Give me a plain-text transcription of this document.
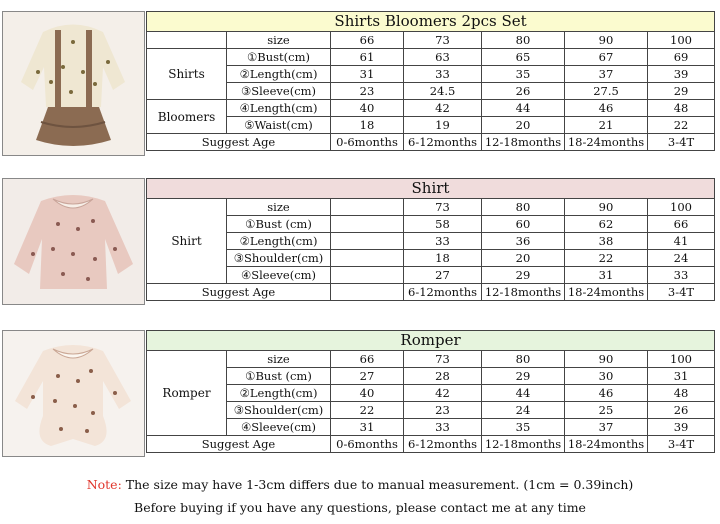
Shirts Bloomers 2pcs Set						
	size	66	73	80	90	100
Shirts	①Bust(cm)	61	63	65	67	69
	②Length(cm)	31	33	35	37	39
	③Sleeve(cm)	23	24.5	26	27.5	29
Bloomers	④Length(cm)	40	42	44	46	48
	⑤Waist(cm)	18	19	20	21	22
Suggest Age		0-6months	6-12months	12-18months	18-24months	3-4T
Shirt						
Shirt	size		73	80	90	100
	①Bust (cm)		58	60	62	66
	②Length(cm)		33	36	38	41
	③Shoulder(cm)		18	20	22	24
	④Sleeve(cm)		27	29	31	33
Suggest Age			6-12months	12-18months	18-24months	3-4T
Romper						
Romper	size	66	73	80	90	100
	①Bust (cm)	27	28	29	30	31
	②Length(cm)	40	42	44	46	48
	③Shoulder(cm)	22	23	24	25	26
	④Sleeve(cm)	31	33	35	37	39
Suggest Age		0-6months	6-12months	12-18months	18-24months	3-4T
Note: The size may have 1-3cm differs due to manual measurement. (1cm = 0.39inch)
Before buying if you have any questions, please contact me at any time
